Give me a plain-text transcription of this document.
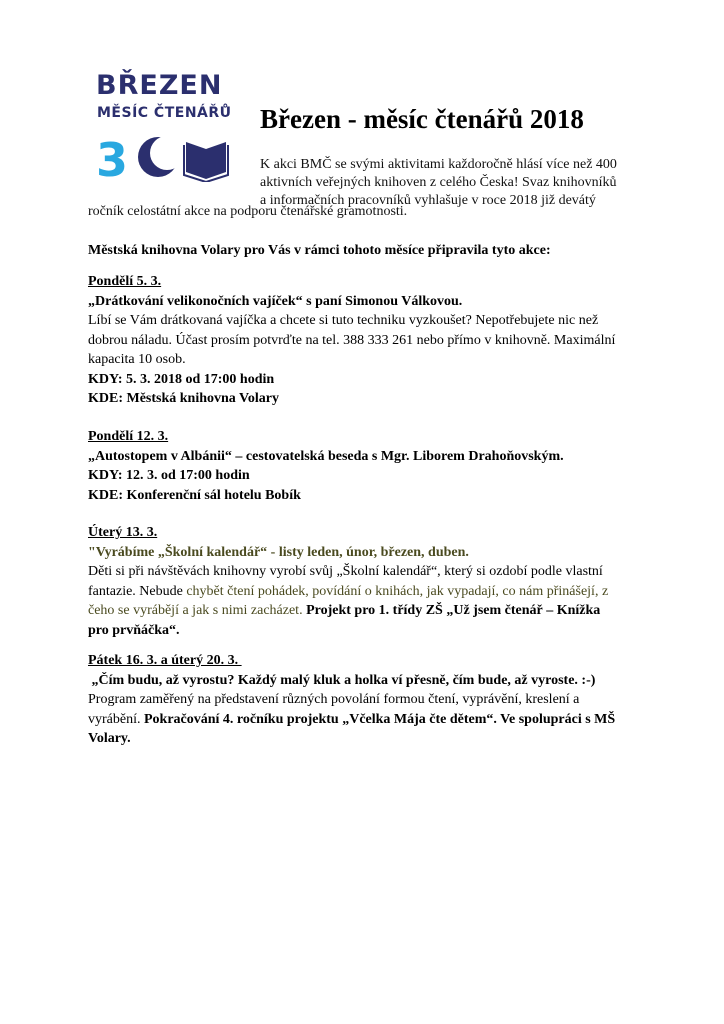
BŘEZEN
MĚSÍC ČTENÁŘŮ
3
Březen - měsíc čtenářů 2018
K akci BMČ se svými aktivitami každoročně hlásí více než 400
aktivních veřejných knihoven z celého Česka! Svaz knihovníků
a informačních pracovníků vyhlašuje v roce 2018 již devátý
ročník celostátní akce na podporu čtenářské gramotnosti.
Městská knihovna Volary pro Vás v rámci tohoto měsíce připravila tyto akce:
Pondělí 5. 3.
„Drátkování velikonočních vajíček“ s paní Simonou Válkovou.
Líbí se Vám drátkovaná vajíčka a chcete si tuto techniku vyzkoušet? Nepotřebujete nic než
dobrou náladu. Účast prosím potvrďte na tel. 388 333 261 nebo přímo v knihovně. Maximální
kapacita 10 osob.
KDY: 5. 3. 2018 od 17:00 hodin
KDE: Městská knihovna Volary
Pondělí 12. 3.
„Autostopem v Albánii“ – cestovatelská beseda s Mgr. Liborem Drahoňovským.
KDY: 12. 3. od 17:00 hodin
KDE: Konferenční sál hotelu Bobík
Úterý 13. 3.
"Vyrábíme „Školní kalendář“ - listy leden, únor, březen, duben.
Děti si při návštěvách knihovny vyrobí svůj „Školní kalendář“, který si ozdobí podle vlastní
fantazie. Nebude chybět čtení pohádek, povídání o knihách, jak vypadají, co nám přinášejí, z
čeho se vyrábějí a jak s nimi zacházet. Projekt pro 1. třídy ZŠ „Už jsem čtenář – Knížka
pro prvňáčka“.
Pátek 16. 3. a úterý 20. 3.
„Čím budu, až vyrostu? Každý malý kluk a holka ví přesně, čím bude, až vyroste. :-)
Program zaměřený na představení různých povolání formou čtení, vyprávění, kreslení a
vyrábění. Pokračování 4. ročníku projektu „Včelka Mája čte dětem“. Ve spolupráci s MŠ
Volary.
